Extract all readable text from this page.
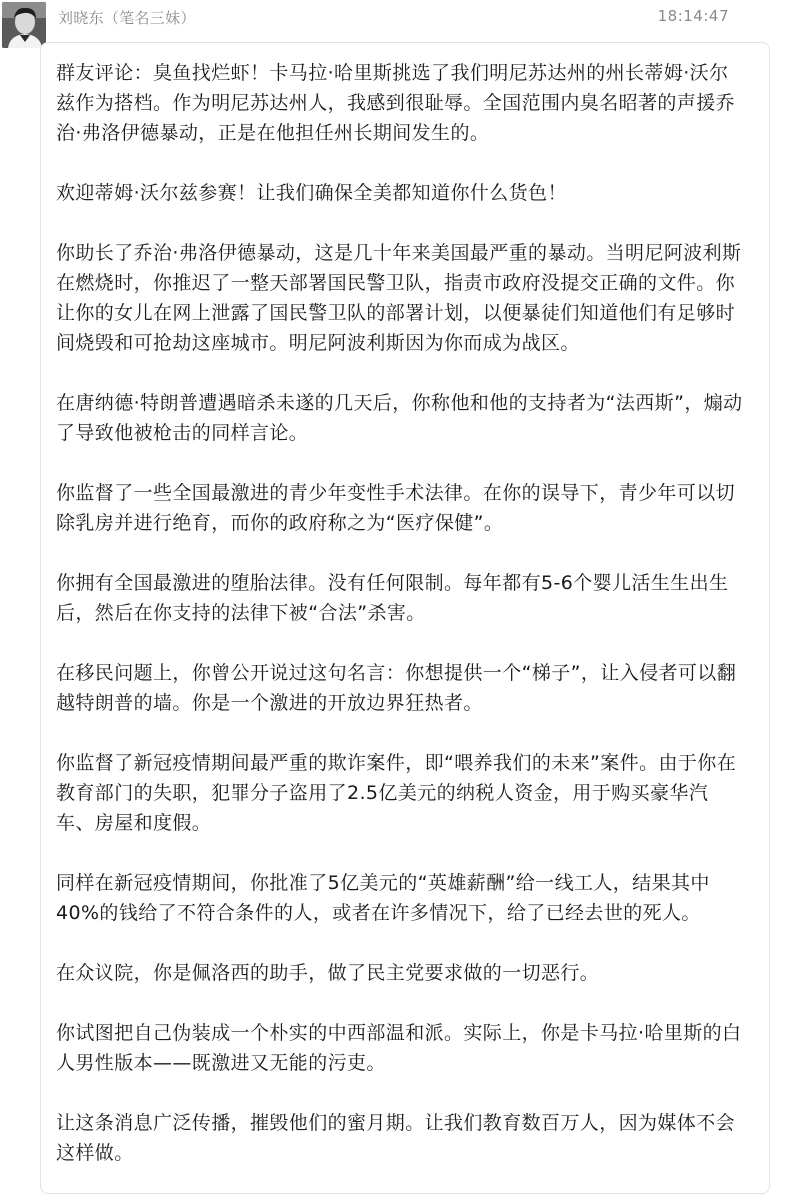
刘晓东（笔名三妹）	18:14:47

群友评论：臭鱼找烂虾！卡马拉·哈里斯挑选了我们明尼苏达州的州长蒂姆·沃尔兹作为搭档。作为明尼苏达州人，我感到很耻辱。全国范围内臭名昭著的声援乔治·弗洛伊德暴动，正是在他担任州长期间发生的。

欢迎蒂姆·沃尔兹参赛！让我们确保全美都知道你什么货色！

你助长了乔治·弗洛伊德暴动，这是几十年来美国最严重的暴动。当明尼阿波利斯在燃烧时，你推迟了一整天部署国民警卫队，指责市政府没提交正确的文件。你让你的女儿在网上泄露了国民警卫队的部署计划，以便暴徒们知道他们有足够时间烧毁和可抢劫这座城市。明尼阿波利斯因为你而成为战区。

在唐纳德·特朗普遭遇暗杀未遂的几天后，你称他和他的支持者为“法西斯”，煽动了导致他被枪击的同样言论。

你监督了一些全国最激进的青少年变性手术法律。在你的误导下，青少年可以切除乳房并进行绝育，而你的政府称之为“医疗保健”。

你拥有全国最激进的堕胎法律。没有任何限制。每年都有5-6个婴儿活生生出生后，然后在你支持的法律下被“合法”杀害。

在移民问题上，你曾公开说过这句名言：你想提供一个“梯子”，让入侵者可以翻越特朗普的墙。你是一个激进的开放边界狂热者。

你监督了新冠疫情期间最严重的欺诈案件，即“喂养我们的未来”案件。由于你在教育部门的失职，犯罪分子盗用了2.5亿美元的纳税人资金，用于购买豪华汽车、房屋和度假。

同样在新冠疫情期间，你批准了5亿美元的“英雄薪酬”给一线工人，结果其中40%的钱给了不符合条件的人，或者在许多情况下，给了已经去世的死人。

在众议院，你是佩洛西的助手，做了民主党要求做的一切恶行。

你试图把自己伪装成一个朴实的中西部温和派。实际上，你是卡马拉·哈里斯的白人男性版本——既激进又无能的污吏。

让这条消息广泛传播，摧毁他们的蜜月期。让我们教育数百万人，因为媒体不会这样做。
